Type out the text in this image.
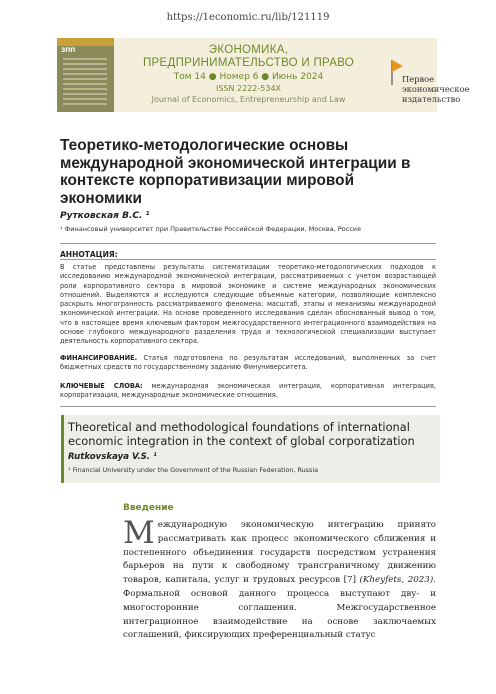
https://1economic.ru/lib/121119
ЗПП	ЭКОНОМИКА,
ПРЕДПРИНИМАТЕЛЬСТВО И ПРАВО
Том 14 ● Номер 6 ● Июнь 2024
ISSN 2222-534X
Journal of Economics, Entrepreneurship and Law
Первое
экономическое
издательство
Теоретико-методологические основы международной экономической интеграции в контексте корпоративизации мировой экономики
Рутковская В.С. ¹
¹ Финансовый университет при Правительстве Российской Федерации, Москва, Россия
АННОТАЦИЯ:
В статье представлены результаты систематизации теоретико-методологических подходов к исследованию международной экономической интеграции, рассматриваемых с учетом возрастающей роли корпоративного сектора в мировой экономике и системе международных экономических отношений. Выделяются и исследуются следующие объемные категории, позволяющие комплексно раскрыть многогранность рассматриваемого феномена: масштаб, этапы и механизмы международной экономической интеграции. На основе проведенного исследования сделан обоснованный вывод о том, что в настоящее время ключевым фактором межгосударственного интеграционного взаимодействия на основе глубокого международного разделения труда и технологической специализации выступает деятельность корпоративного сектора.
ФИНАНСИРОВАНИЕ. Статья подготовлена по результатам исследований, выполненных за счет бюджетных средств по государственному заданию Финуниверситета.
КЛЮЧЕВЫЕ СЛОВА: международная экономическая интеграция, корпоративная интеграция, корпоратизация, международные экономические отношения.
Theoretical and methodological foundations of international economic integration in the context of global corporatization
Rutkovskaya V.S. ¹
¹ Financial University under the Government of the Russian Federation, Russia
Введение
Международную экономическую интеграцию принято рассматривать как процесс экономического сближения и постепенного объединения государств посредством устранения барьеров на пути к свободному трансграничному движению товаров, капитала, услуг и трудовых ресурсов [7] (Kheyfets, 2023). Формальной основой данного процесса выступают дву- и многосторонние соглашения. Межгосударственное интеграционное взаимодействие на основе заключаемых соглашений, фиксирующих преференциальный статус
